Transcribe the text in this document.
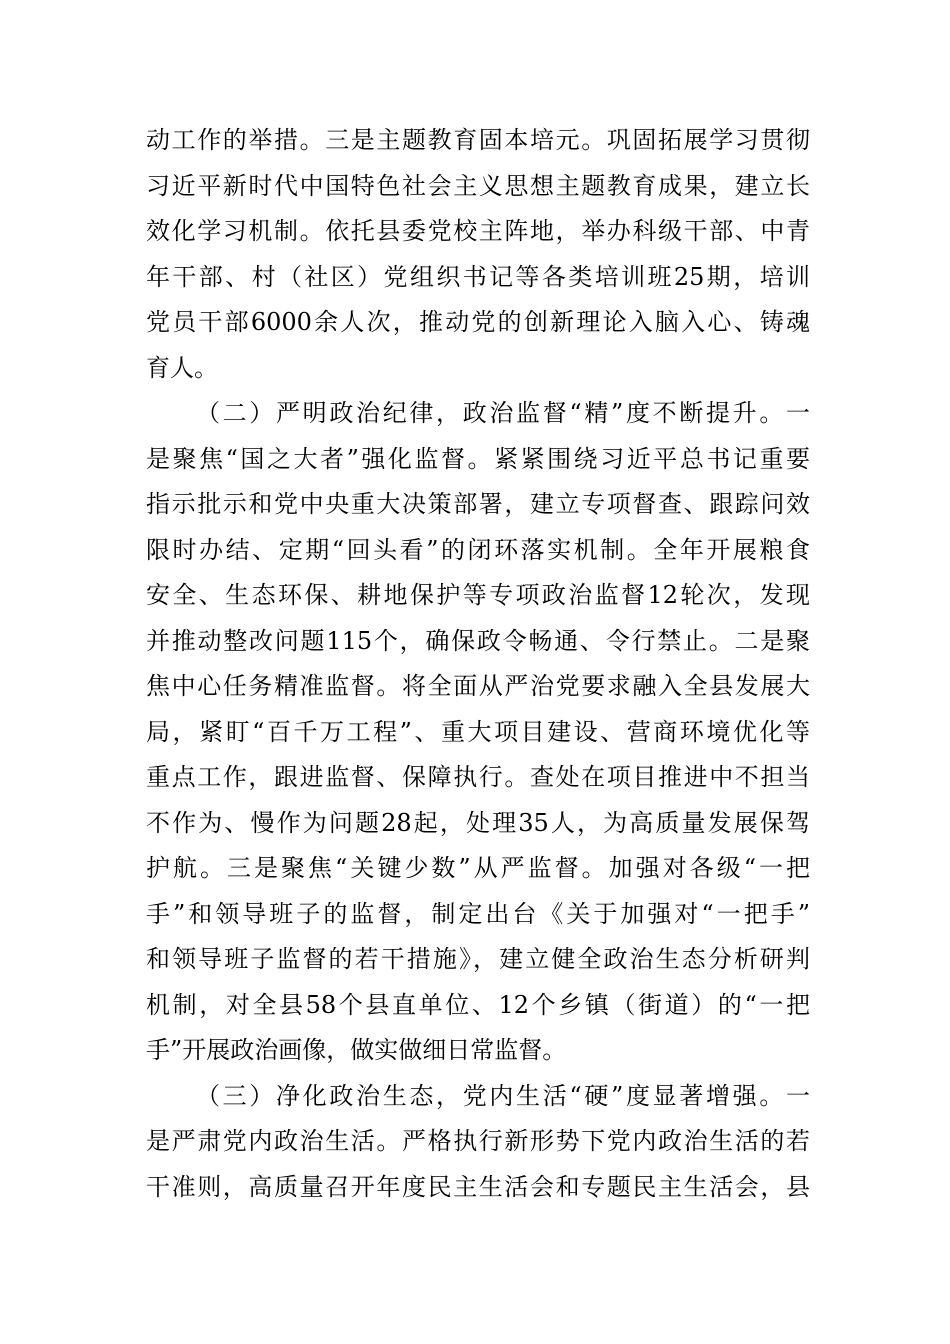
动工作的举措。三是主题教育固本培元。巩固拓展学习贯彻
习近平新时代中国特色社会主义思想主题教育成果，建立长
效化学习机制。依托县委党校主阵地，举办科级干部、中青
年干部、村（社区）党组织书记等各类培训班25期，培训
党员干部6000余人次，推动党的创新理论入脑入心、铸魂
育人。
（二）严明政治纪律，政治监督“精”度不断提升。一
是聚焦“国之大者”强化监督。紧紧围绕习近平总书记重要
指示批示和党中央重大决策部署，建立专项督查、跟踪问效
限时办结、定期“回头看”的闭环落实机制。全年开展粮食
安全、生态环保、耕地保护等专项政治监督12轮次，发现
并推动整改问题115个，确保政令畅通、令行禁止。二是聚
焦中心任务精准监督。将全面从严治党要求融入全县发展大
局，紧盯“百千万工程”、重大项目建设、营商环境优化等
重点工作，跟进监督、保障执行。查处在项目推进中不担当
不作为、慢作为问题28起，处理35人，为高质量发展保驾
护航。三是聚焦“关键少数”从严监督。加强对各级“一把
手”和领导班子的监督，制定出台《关于加强对“一把手”
和领导班子监督的若干措施》，建立健全政治生态分析研判
机制，对全县58个县直单位、12个乡镇（街道）的“一把
手”开展政治画像，做实做细日常监督。
（三）净化政治生态，党内生活“硬”度显著增强。一
是严肃党内政治生活。严格执行新形势下党内政治生活的若
干准则，高质量召开年度民主生活会和专题民主生活会，县
